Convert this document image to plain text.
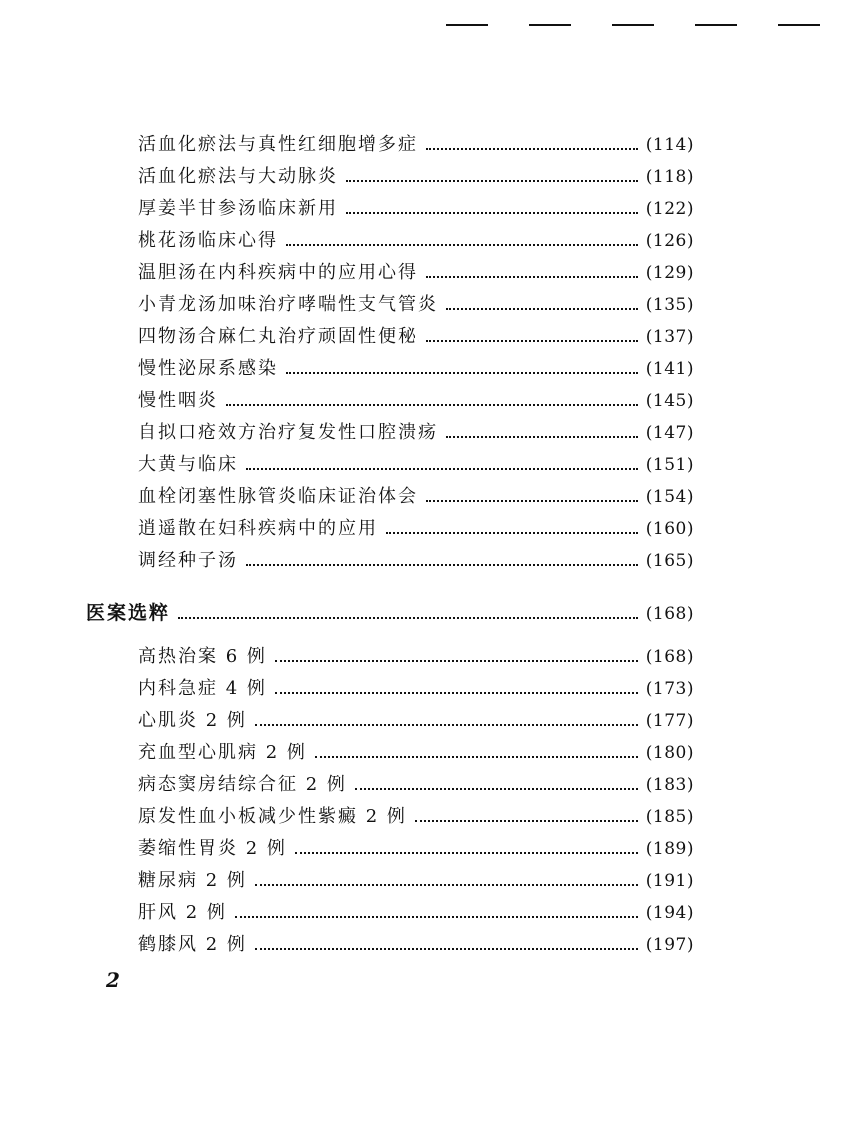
活血化瘀法与真性红细胞增多症	(114)
活血化瘀法与大动脉炎	(118)
厚姜半甘参汤临床新用	(122)
桃花汤临床心得	(126)
温胆汤在内科疾病中的应用心得	(129)
小青龙汤加味治疗哮喘性支气管炎	(135)
四物汤合麻仁丸治疗顽固性便秘	(137)
慢性泌尿系感染	(141)
慢性咽炎	(145)
自拟口疮效方治疗复发性口腔溃疡	(147)
大黄与临床	(151)
血栓闭塞性脉管炎临床证治体会	(154)
逍遥散在妇科疾病中的应用	(160)
调经种子汤	(165)
医案选粹	(168)
高热治案 6 例	(168)
内科急症 4 例	(173)
心肌炎 2 例	(177)
充血型心肌病 2 例	(180)
病态窦房结综合征 2 例	(183)
原发性血小板减少性紫癜 2 例	(185)
萎缩性胃炎 2 例	(189)
糖尿病 2 例	(191)
肝风 2 例	(194)
鹤膝风 2 例	(197)
2
